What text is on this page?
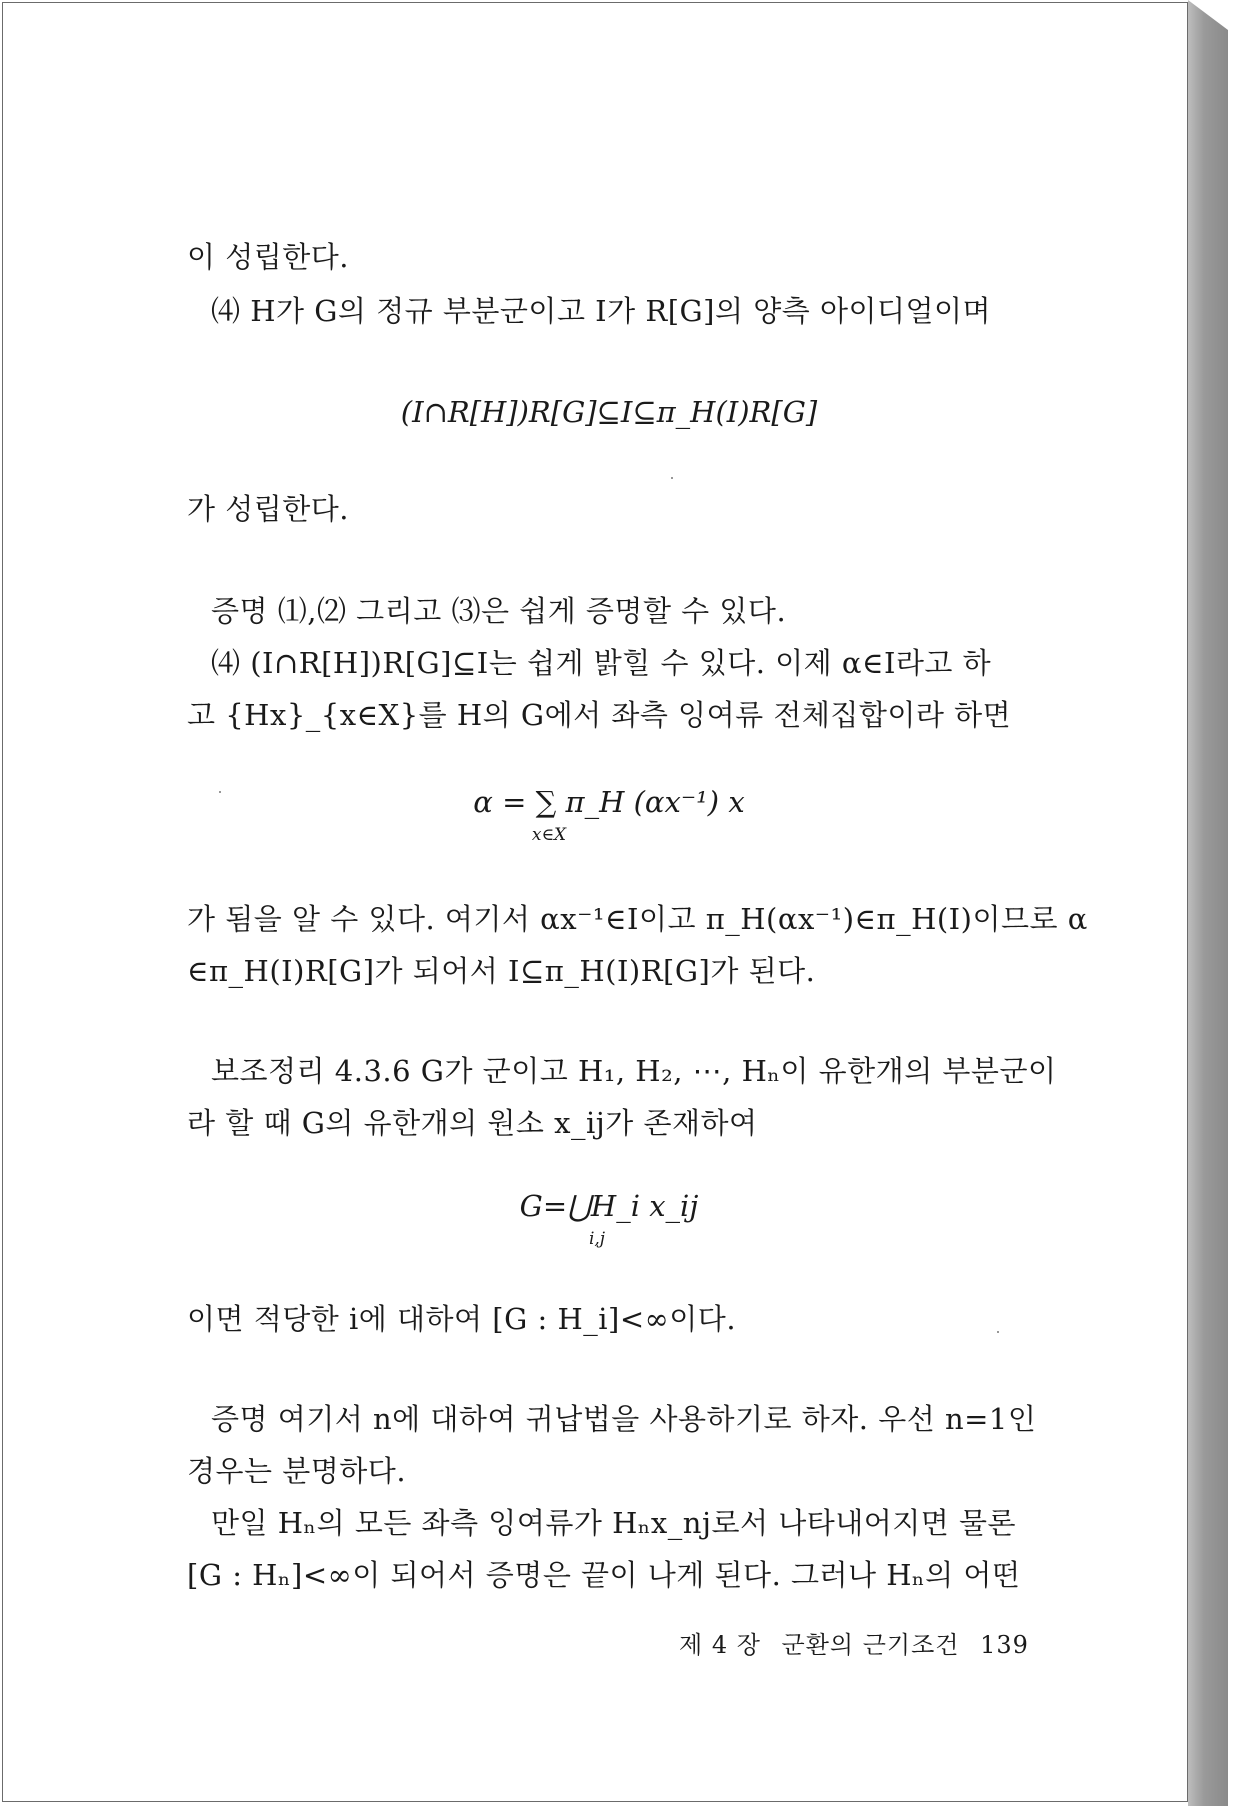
이 성립한다.
⑷ H가 G의 정규 부분군이고 I가 R[G]의 양측 아이디얼이며
(I∩R[H])R[G]⊆I⊆π_H(I)R[G]
가 성립한다.
증명 ⑴,⑵ 그리고 ⑶은 쉽게 증명할 수 있다.
⑷ (I∩R[H])R[G]⊆I는 쉽게 밝힐 수 있다. 이제 α∈I라고 하
고 {Hx}_{x∈X}를 H의 G에서 좌측 잉여류 전체집합이라 하면
α = ∑ π_H (αx⁻¹) x
x∈X
가 됨을 알 수 있다. 여기서 αx⁻¹∈I이고 π_H(αx⁻¹)∈π_H(I)이므로 α
∈π_H(I)R[G]가 되어서 I⊆π_H(I)R[G]가 된다.
보조정리 4.3.6 G가 군이고 H₁, H₂, ⋯, Hₙ이 유한개의 부분군이
라 할 때 G의 유한개의 원소 x_ij가 존재하여
G=⋃H_i x_ij
i,j
이면 적당한 i에 대하여 [G : H_i]<∞이다.
증명 여기서 n에 대하여 귀납법을 사용하기로 하자. 우선 n=1인
경우는 분명하다.
만일 Hₙ의 모든 좌측 잉여류가 Hₙx_nj로서 나타내어지면 물론
[G : Hₙ]<∞이 되어서 증명은 끝이 나게 된다. 그러나 Hₙ의 어떤
제 4 장 군환의 근기조건 139
